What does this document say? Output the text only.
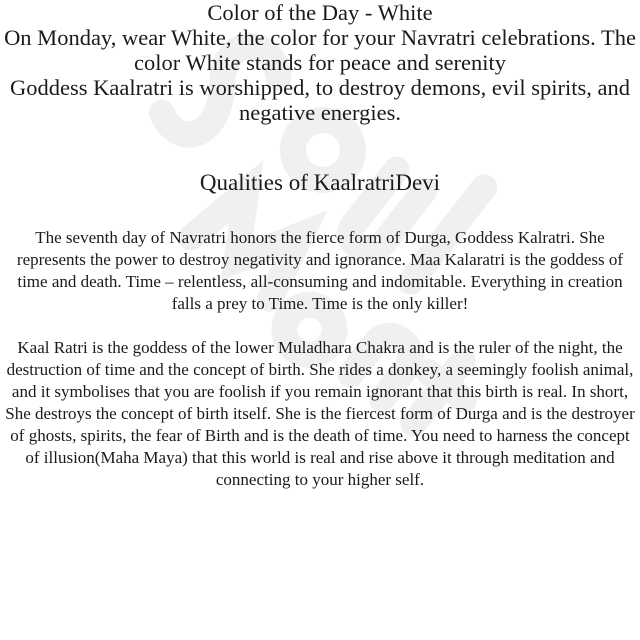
Color of the Day - White

On Monday, wear White, the color for your Navratri celebrations. The color White stands for peace and serenity

Goddess Kaalratri is worshipped, to destroy demons, evil spirits, and negative energies.

Qualities of KaalratriDevi

The seventh day of Navratri honors the fierce form of Durga, Goddess Kalratri. She represents the power to destroy negativity and ignorance. Maa Kalaratri is the goddess of time and death. Time – relentless, all-consuming and indomitable. Everything in creation falls a prey to Time. Time is the only killer!

Kaal Ratri is the goddess of the lower Muladhara Chakra and is the ruler of the night, the destruction of time and the concept of birth. She rides a donkey, a seemingly foolish animal, and it symbolises that you are foolish if you remain ignorant that this birth is real. In short, She destroys the concept of birth itself. She is the fiercest form of Durga and is the destroyer of ghosts, spirits, the fear of Birth and is the death of time. You need to harness the concept of illusion(Maha Maya) that this world is real and rise above it through meditation and connecting to your higher self.
